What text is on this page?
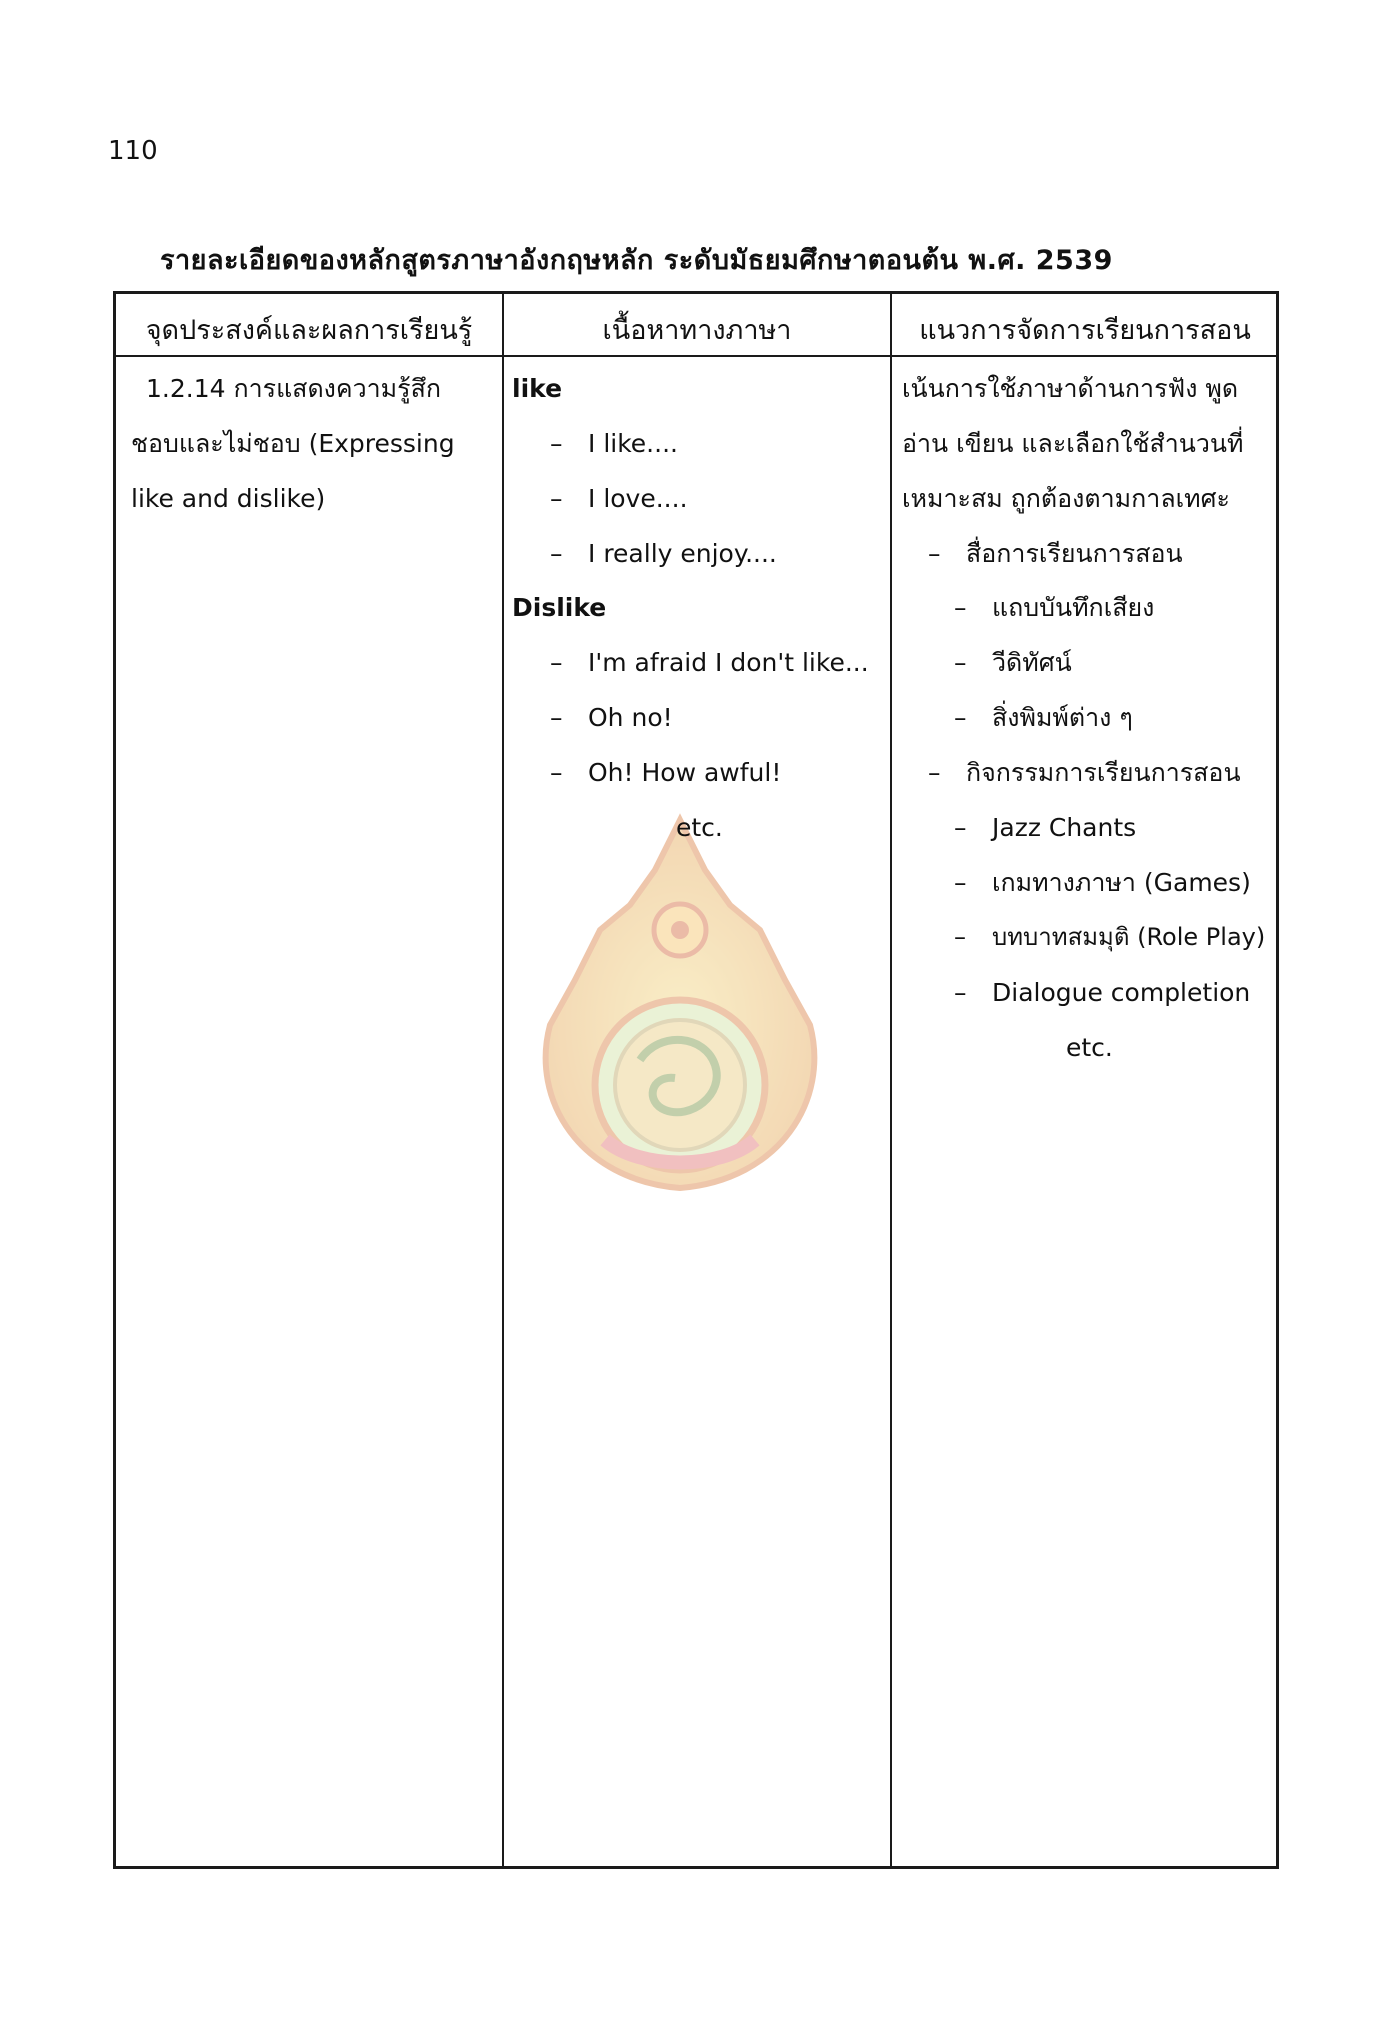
110
รายละเอียดของหลักสูตรภาษาอังกฤษหลัก ระดับมัธยมศึกษาตอนต้น พ.ศ. 2539
จุดประสงค์และผลการเรียนรู้	เนื้อหาทางภาษา	แนวการจัดการเรียนการสอน
1.2.14 การแสดงความรู้สึก
ชอบและไม่ชอบ (Expressing
like and dislike)
like
– I like....
– I love....
– I really enjoy....
Dislike
– I'm afraid I don't like...
– Oh no!
– Oh! How awful!
etc.
เน้นการใช้ภาษาด้านการฟัง พูด
อ่าน เขียน และเลือกใช้สำนวนที่
เหมาะสม ถูกต้องตามกาลเทศะ
– สื่อการเรียนการสอน
– แถบบันทึกเสียง
– วีดิทัศน์
– สิ่งพิมพ์ต่าง ๆ
– กิจกรรมการเรียนการสอน
– Jazz Chants
– เกมทางภาษา (Games)
– บทบาทสมมุติ (Role Play)
– Dialogue completion
etc.
